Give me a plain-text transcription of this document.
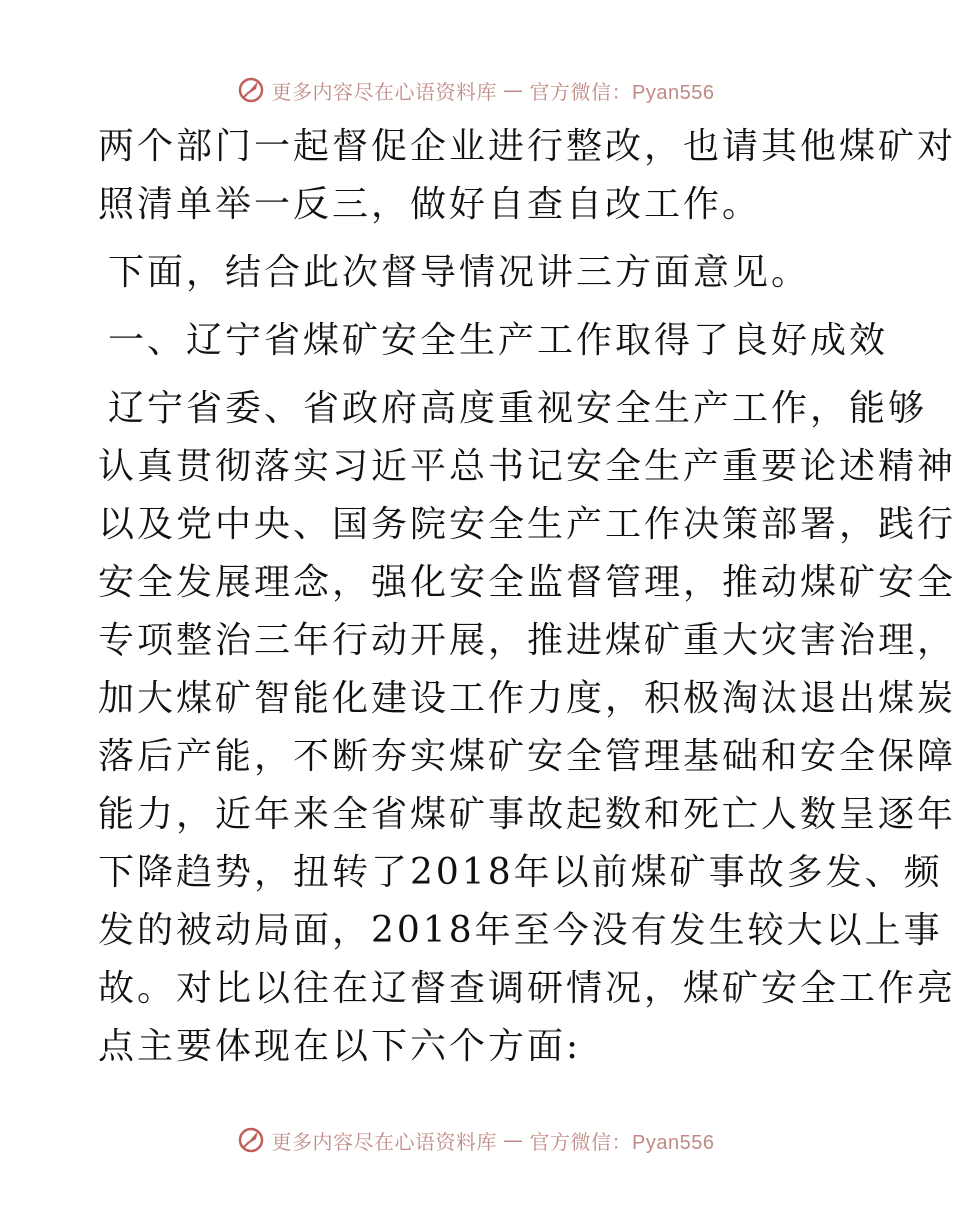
更多内容尽在心语资料库 — 官方微信：Pyan556
两个部门一起督促企业进行整改，也请其他煤矿对
照清单举一反三，做好自查自改工作。
下面，结合此次督导情况讲三方面意见。
一、辽宁省煤矿安全生产工作取得了良好成效
辽宁省委、省政府高度重视安全生产工作，能够
认真贯彻落实习近平总书记安全生产重要论述精神
以及党中央、国务院安全生产工作决策部署，践行
安全发展理念，强化安全监督管理，推动煤矿安全
专项整治三年行动开展，推进煤矿重大灾害治理，
加大煤矿智能化建设工作力度，积极淘汰退出煤炭
落后产能，不断夯实煤矿安全管理基础和安全保障
能力，近年来全省煤矿事故起数和死亡人数呈逐年
下降趋势，扭转了2018年以前煤矿事故多发、频
发的被动局面，2018年至今没有发生较大以上事
故。对比以往在辽督查调研情况，煤矿安全工作亮
点主要体现在以下六个方面:
更多内容尽在心语资料库 — 官方微信：Pyan556
